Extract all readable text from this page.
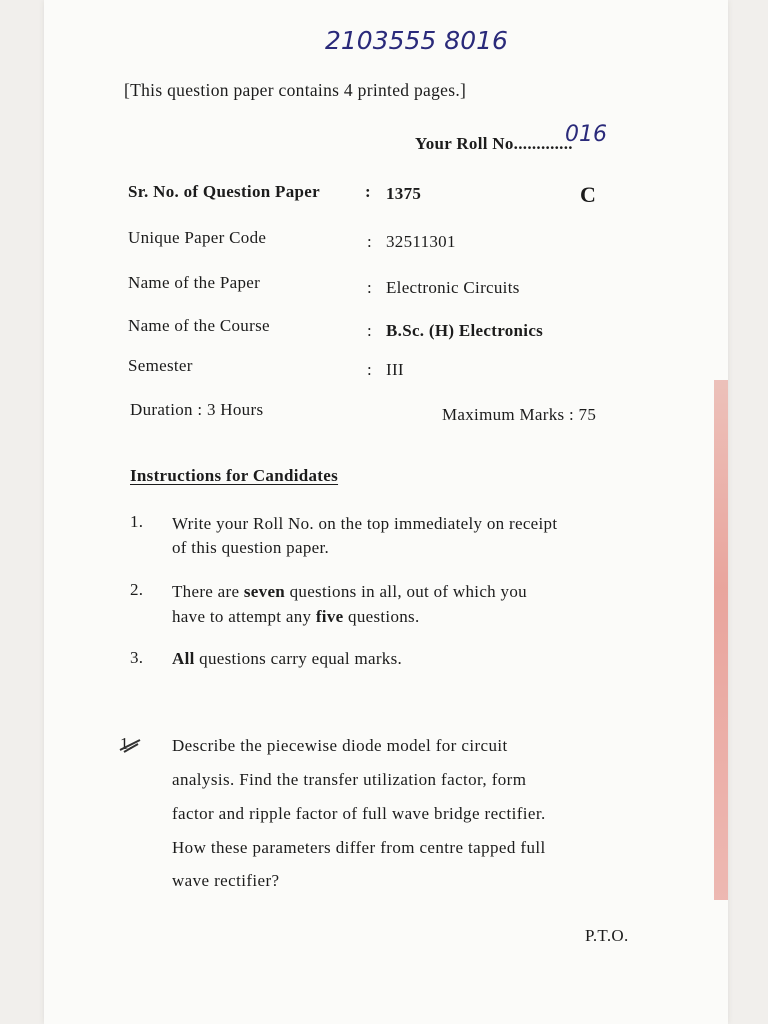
2103555 8016
[This question paper contains 4 printed pages.]
Your Roll No.............
016
Sr. No. of Question Paper	: 1375	C
Unique Paper Code	: 32511301
Name of the Paper	: Electronic Circuits
Name of the Course	: B.Sc. (H) Electronics
Semester	: III
Duration : 3 Hours	Maximum Marks : 75
Instructions for Candidates
1. Write your Roll No. on the top immediately on receipt
of this question paper.
2. There are seven questions in all, out of which you
have to attempt any five questions.
3. All questions carry equal marks.
1. Describe the piecewise diode model for circuit
analysis. Find the transfer utilization factor, form
factor and ripple factor of full wave bridge rectifier.
How these parameters differ from centre tapped full
wave rectifier?
P.T.O.
